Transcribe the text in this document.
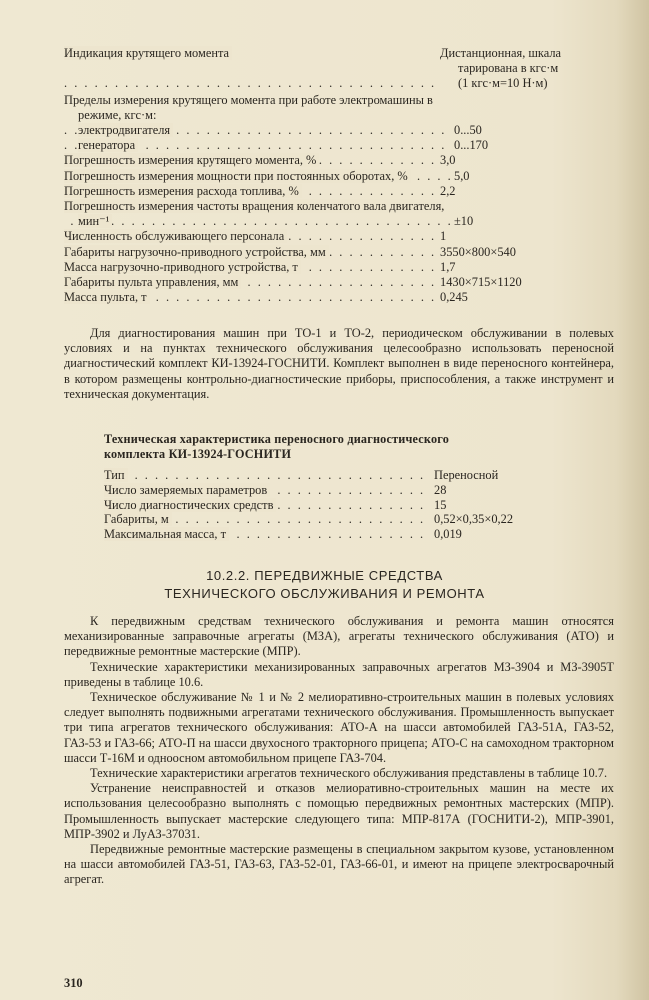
Индикация крутящего момента . . .	Дистанционная, шкала
тарирована в кгс·м
(1 кгс·м=10 Н·м)
Пределы измерения крутящего момента при работе электромашины в режиме, кгс·м:
электродвигателя . . .	0...50
генератора . . .	0...170
Погрешность измерения крутящего момента, % . . .	3,0
Погрешность измерения мощности при постоянных оборотах, % . . .	5,0
Погрешность измерения расхода топлива, % . . .	2,2
Погрешность измерения частоты вращения коленчатого вала двигателя, мин⁻¹ . . .	±10
Численность обслуживающего персонала . . .	1
Габариты нагрузочно-приводного устройства, мм . . .	3550×800×540
Масса нагрузочно-приводного устройства, т . . .	1,7
Габариты пульта управления, мм . . .	1430×715×1120
Масса пульта, т . . .	0,245

Для диагностирования машин при ТО-1 и ТО-2, периодическом обслуживании в полевых условиях и на пунктах технического обслуживания целесообразно использовать переносной диагностический комплект КИ-13924-ГОСНИТИ. Комплект выполнен в виде переносного контейнера, в котором размещены контрольно-диагностические приборы, приспособления, а также инструмент и техническая документация.

Техническая характеристика переносного диагностического
комплекта КИ-13924-ГОСНИТИ
Тип . . .	Переносной
Число замеряемых параметров . . .	28
Число диагностических средств . . .	15
Габариты, м . . .	0,52×0,35×0,22
Максимальная масса, т . . .	0,019
10.2.2. ПЕРЕДВИЖНЫЕ СРЕДСТВА
ТЕХНИЧЕСКОГО ОБСЛУЖИВАНИЯ И РЕМОНТА

К передвижным средствам технического обслуживания и ремонта машин относятся механизированные заправочные агрегаты (МЗА), агрегаты технического обслуживания (АТО) и передвижные ремонтные мастерские (МПР).

Технические характеристики механизированных заправочных агрегатов МЗ-3904 и МЗ-3905Т приведены в таблице 10.6.

Техническое обслуживание № 1 и № 2 мелиоративно-строительных машин в полевых условиях следует выполнять подвижными агрегатами технического обслуживания. Промышленность выпускает три типа агрегатов технического обслуживания: АТО-А на шасси автомобилей ГАЗ-51А, ГАЗ-52, ГАЗ-53 и ГАЗ-66; АТО-П на шасси двухосного тракторного прицепа; АТО-С на самоходном тракторном шасси Т-16М и одноосном автомобильном прицепе ГАЗ-704.

Технические характеристики агрегатов технического обслуживания представлены в таблице 10.7.

Устранение неисправностей и отказов мелиоративно-строительных машин на месте их использования целесообразно выполнять с помощью передвижных ремонтных мастерских (МПР). Промышленность выпускает мастерские следующего типа: МПР-817А (ГОСНИТИ-2), МПР-3901, МПР-3902 и ЛуАЗ-37031.

Передвижные ремонтные мастерские размещены в специальном закрытом кузове, установленном на шасси автомобилей ГАЗ-51, ГАЗ-63, ГАЗ-52-01, ГАЗ-66-01, и имеют на прицепе электросварочный агрегат.

310
